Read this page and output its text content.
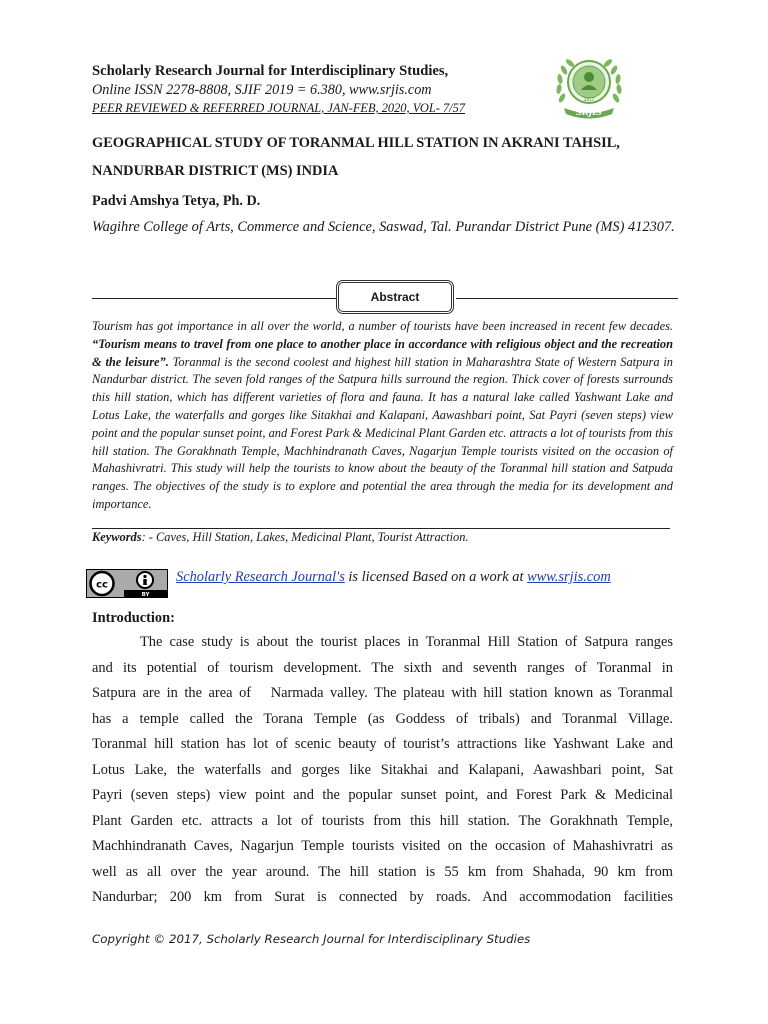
Scholarly Research Journal for Interdisciplinary Studies,
Online ISSN 2278-8808, SJIF 2019 = 6.380, www.srjis.com
PEER REVIEWED & REFERRED JOURNAL, JAN-FEB, 2020, VOL- 7/57
2017
SRJIS
GEOGRAPHICAL STUDY OF TORANMAL HILL STATION IN AKRANI TAHSIL, NANDURBAR DISTRICT (MS) INDIA
Padvi Amshya Tetya, Ph. D.
Wagihre College of Arts, Commerce and Science, Saswad, Tal. Purandar District Pune (MS) 412307.
Abstract
Tourism has got importance in all over the world, a number of tourists have been increased in recent few decades. “Tourism means to travel from one place to another place in accordance with religious object and the recreation & the leisure”. Toranmal is the second coolest and highest hill station in Maharashtra State of Western Satpura in Nandurbar district. The seven fold ranges of the Satpura hills surround the region. Thick cover of forests surrounds this hill station, which has different varieties of flora and fauna. It has a natural lake called Yashwant Lake and Lotus Lake, the waterfalls and gorges like Sitakhai and Kalapani, Aawashbari point, Sat Payri (seven steps) view point and the popular sunset point, and Forest Park & Medicinal Plant Garden etc. attracts a lot of tourists from this hill station. The Gorakhnath Temple, Machhindranath Caves, Nagarjun Temple tourists visited on the occasion of Mahashivratri. This study will help the tourists to know about the beauty of the Toranmal hill station and Satpuda ranges. The objectives of the study is to explore and potential the area through the media for its development and importance.
Keywords: - Caves, Hill Station, Lakes, Medicinal Plant, Tourist Attraction.
cc
BY
Scholarly Research Journal's is licensed Based on a work at www.srjis.com
Introduction:
The case study is about the tourist places in Toranmal Hill Station of Satpura ranges
and its potential of tourism development. The sixth and seventh ranges of Toranmal in
Satpura are in the area of   Narmada valley. The plateau with hill station known as Toranmal
has a temple called the Torana Temple (as Goddess of tribals) and Toranmal Village.
Toranmal hill station has lot of scenic beauty of tourist’s attractions like Yashwant Lake and
Lotus Lake, the waterfalls and gorges like Sitakhai and Kalapani, Aawashbari point, Sat
Payri (seven steps) view point and the popular sunset point, and Forest Park & Medicinal
Plant Garden etc. attracts a lot of tourists from this hill station. The Gorakhnath Temple,
Machhindranath Caves, Nagarjun Temple tourists visited on the occasion of Mahashivratri as
well as all over the year around. The hill station is 55 km from Shahada, 90 km from
Nandurbar; 200 km from Surat is connected by roads. And accommodation facilities
Copyright © 2017, Scholarly Research Journal for Interdisciplinary Studies
